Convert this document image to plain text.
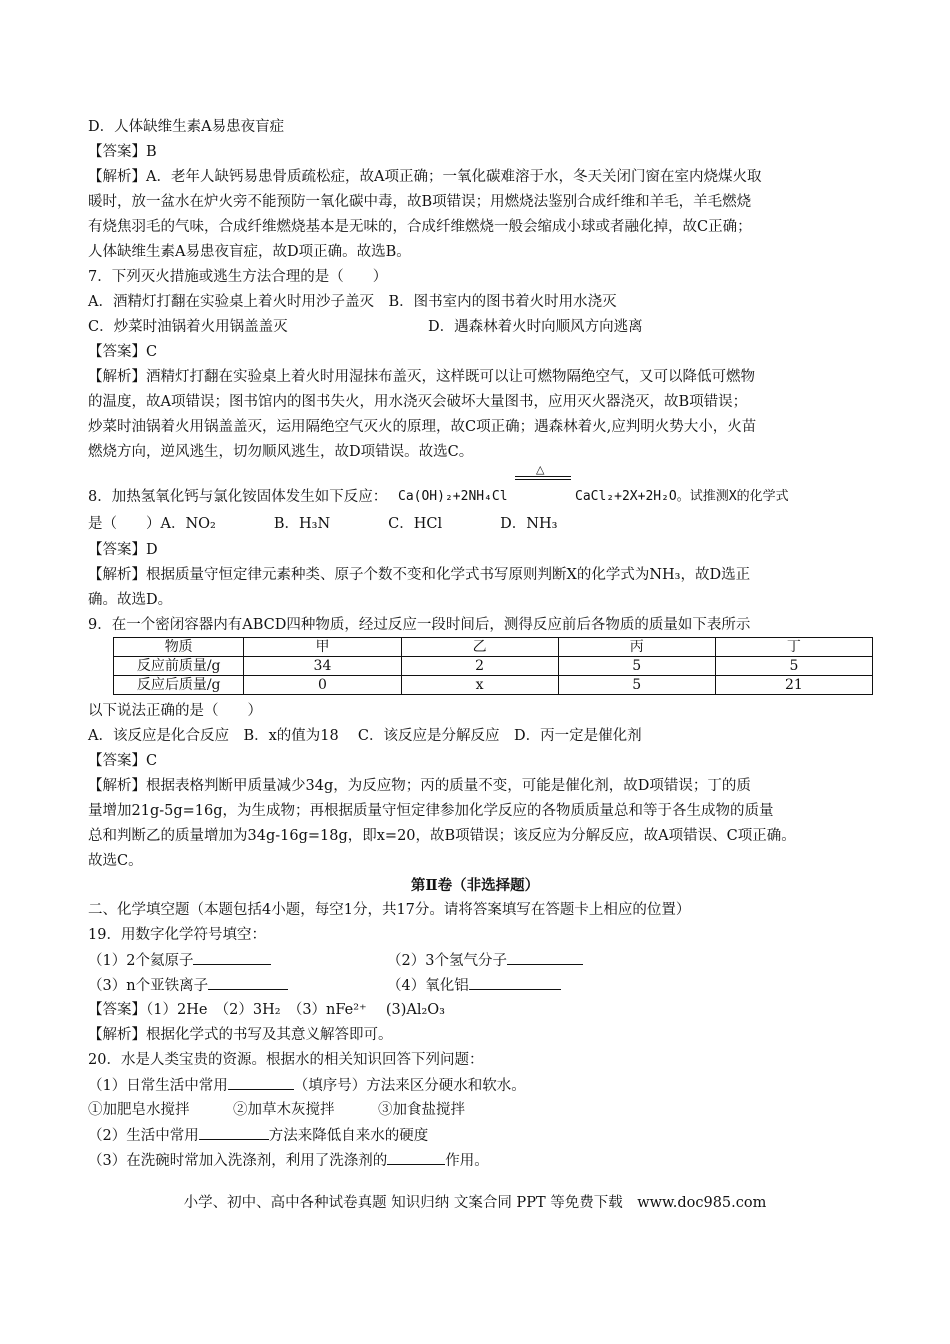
D．人体缺维生素A易患夜盲症
【答案】B
【解析】A．老年人缺钙易患骨质疏松症，故A项正确；一氧化碳难溶于水，冬天关闭门窗在室内烧煤火取
暖时，放一盆水在炉火旁不能预防一氧化碳中毒，故B项错误；用燃烧法鉴别合成纤维和羊毛，羊毛燃烧
有烧焦羽毛的气味，合成纤维燃烧基本是无味的，合成纤维燃烧一般会缩成小球或者融化掉，故C正确；
人体缺维生素A易患夜盲症，故D项正确。故选B。
7．下列灭火措施或逃生方法合理的是（　　）
A．酒精灯打翻在实验桌上着火时用沙子盖灭　B．图书室内的图书着火时用水浇灭
C．炒菜时油锅着火用锅盖盖灭	D．遇森林着火时向顺风方向逃离
【答案】C
【解析】酒精灯打翻在实验桌上着火时用湿抹布盖灭，这样既可以让可燃物隔绝空气，又可以降低可燃物
的温度，故A项错误；图书馆内的图书失火，用水浇灭会破坏大量图书，应用灭火器浇灭，故B项错误；
炒菜时油锅着火用锅盖盖灭，运用隔绝空气灭火的原理，故C项正确；遇森林着火,应判明火势大小，火苗
燃烧方向，逆风逃生，切勿顺风逃生，故D项错误。故选C。
8．加热氢氧化钙与氯化铵固体发生如下反应： Ca(OH)₂+2NH₄Cl
△
CaCl₂+2X+2H₂O。试推测X的化学式
是（　　）A．NO₂　　　　B．H₃N　　　　C．HCl　　　　D．NH₃
【答案】D
【解析】根据质量守恒定律元素种类、原子个数不变和化学式书写原则判断X的化学式为NH₃，故D选正
确。故选D。
9．在一个密闭容器内有ABCD四种物质，经过反应一段时间后，测得反应前后各物质的质量如下表所示
物质	甲	乙	丙	丁
反应前质量/g	34	2	5	5
反应后质量/g	0	x	5	21
以下说法正确的是（　　）
A．该反应是化合反应　B．x的值为18　 C．该反应是分解反应　D．丙一定是催化剂
【答案】C
【解析】根据表格判断甲质量减少34g，为反应物；丙的质量不变，可能是催化剂，故D项错误；丁的质
量增加21g-5g=16g，为生成物；再根据质量守恒定律参加化学反应的各物质质量总和等于各生成物的质量
总和判断乙的质量增加为34g-16g=18g，即x=20，故B项错误；该反应为分解反应，故A项错误、C项正确。
故选C。
第Ⅱ卷（非选择题）
二、化学填空题（本题包括4小题，每空1分，共17分。请将答案填写在答题卡上相应的位置）
19．用数字化学符号填空：
（1）2个氦原子	（2）3个氢气分子
（3）n个亚铁离子	（4）氧化铝
【答案】（1）2He　（2）3H₂　（3）nFe²⁺　 (3)Al₂O₃
【解析】根据化学式的书写及其意义解答即可。
20．水是人类宝贵的资源。根据水的相关知识回答下列问题：
（1）日常生活中常用	（填序号）方法来区分硬水和软水。
①加肥皂水搅拌　　　②加草木灰搅拌　　　③加食盐搅拌
（2）生活中常用	方法来降低自来水的硬度
（3）在洗碗时常加入洗涤剂，利用了洗涤剂的	作用。
小学、初中、高中各种试卷真题 知识归纳 文案合同 PPT 等免费下载　www.doc985.com
